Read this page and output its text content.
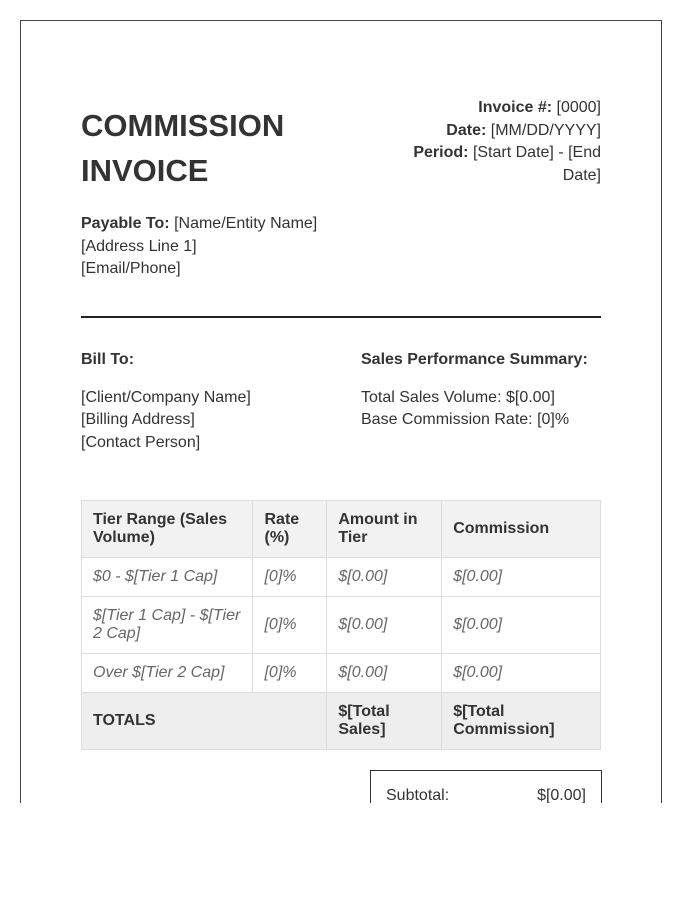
COMMISSION
INVOICE
Invoice #: [0000]
Date: [MM/DD/YYYY]
Period: [Start Date] - [End Date]
Payable To: [Name/Entity Name]
[Address Line 1]
[Email/Phone]
Bill To:
[Client/Company Name]
[Billing Address]
[Contact Person]
Sales Performance Summary:
Total Sales Volume: $[0.00]
Base Commission Rate: [0]%
Tier Range (Sales Volume)	Rate (%)	Amount in Tier	Commission
$0 - $[Tier 1 Cap]	[0]%	$[0.00]	$[0.00]
$[Tier 1 Cap] - $[Tier 2 Cap]	[0]%	$[0.00]	$[0.00]
Over $[Tier 2 Cap]	[0]%	$[0.00]	$[0.00]
TOTALS		$[Total Sales]	$[Total Commission]
Subtotal:	$[0.00]
